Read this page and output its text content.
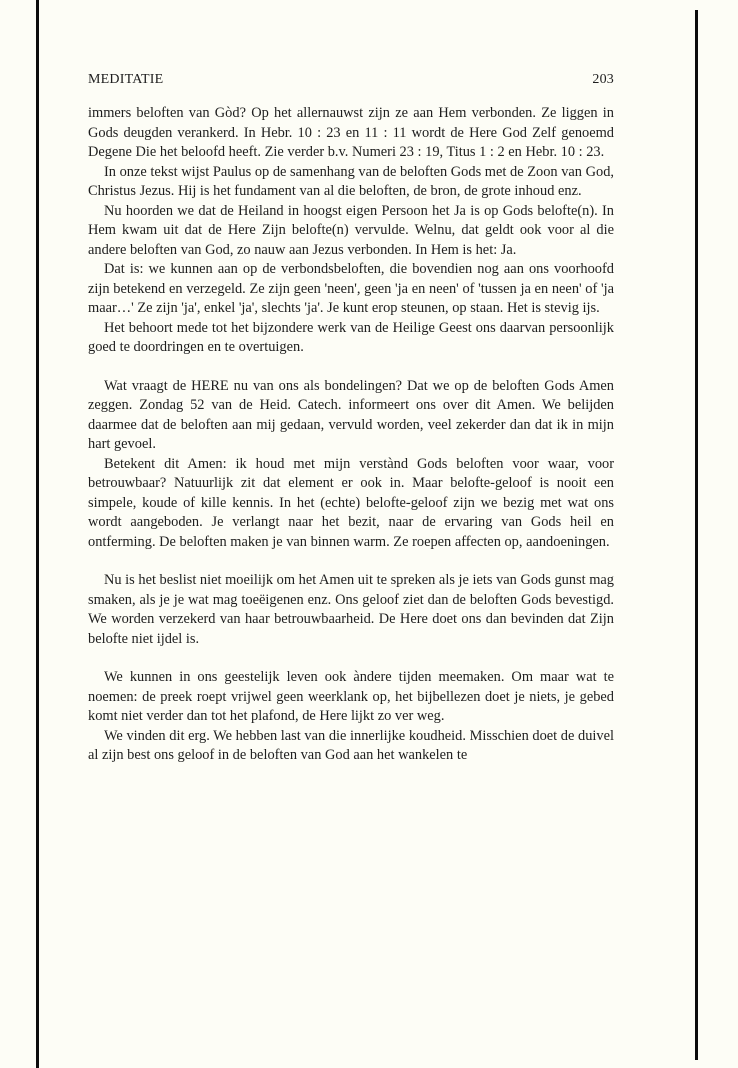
MEDITATIE	203

immers beloften van Gòd? Op het allernauwst zijn ze aan Hem verbonden. Ze liggen in Gods deugden verankerd. In Hebr. 10 : 23 en 11 : 11 wordt de Here God Zelf genoemd Degene Die het beloofd heeft. Zie verder b.v. Numeri 23 : 19, Titus 1 : 2 en Hebr. 10 : 23.

In onze tekst wijst Paulus op de samenhang van de beloften Gods met de Zoon van God, Christus Jezus. Hij is het fundament van al die beloften, de bron, de grote inhoud enz.

Nu hoorden we dat de Heiland in hoogst eigen Persoon het Ja is op Gods belofte(n). In Hem kwam uit dat de Here Zijn belofte(n) vervulde. Welnu, dat geldt ook voor al die andere beloften van God, zo nauw aan Jezus verbonden. In Hem is het: Ja.

Dat is: we kunnen aan op de verbondsbeloften, die bovendien nog aan ons voorhoofd zijn betekend en verzegeld. Ze zijn geen 'neen', geen 'ja en neen' of 'tussen ja en neen' of 'ja maar…' Ze zijn 'ja', enkel 'ja', slechts 'ja'. Je kunt erop steunen, op staan. Het is stevig ijs.

Het behoort mede tot het bijzondere werk van de Heilige Geest ons daarvan persoonlijk goed te doordringen en te overtuigen.

Wat vraagt de HERE nu van ons als bondelingen? Dat we op de beloften Gods Amen zeggen. Zondag 52 van de Heid. Catech. informeert ons over dit Amen. We belijden daarmee dat de beloften aan mij gedaan, vervuld worden, veel zekerder dan dat ik in mijn hart gevoel.

Betekent dit Amen: ik houd met mijn verstànd Gods beloften voor waar, voor betrouwbaar? Natuurlijk zit dat element er ook in. Maar belofte-geloof is nooit een simpele, koude of kille kennis. In het (echte) belofte-geloof zijn we bezig met wat ons wordt aangeboden. Je verlangt naar het bezit, naar de ervaring van Gods heil en ontferming. De beloften maken je van binnen warm. Ze roepen affecten op, aandoeningen.

Nu is het beslist niet moeilijk om het Amen uit te spreken als je iets van Gods gunst mag smaken, als je je wat mag toeëigenen enz. Ons geloof ziet dan de beloften Gods bevestigd. We worden verzekerd van haar betrouwbaarheid. De Here doet ons dan bevinden dat Zijn belofte niet ijdel is.

We kunnen in ons geestelijk leven ook àndere tijden meemaken. Om maar wat te noemen: de preek roept vrijwel geen weerklank op, het bijbellezen doet je niets, je gebed komt niet verder dan tot het plafond, de Here lijkt zo ver weg.

We vinden dit erg. We hebben last van die innerlijke koudheid. Misschien doet de duivel al zijn best ons geloof in de beloften van God aan het wankelen te
